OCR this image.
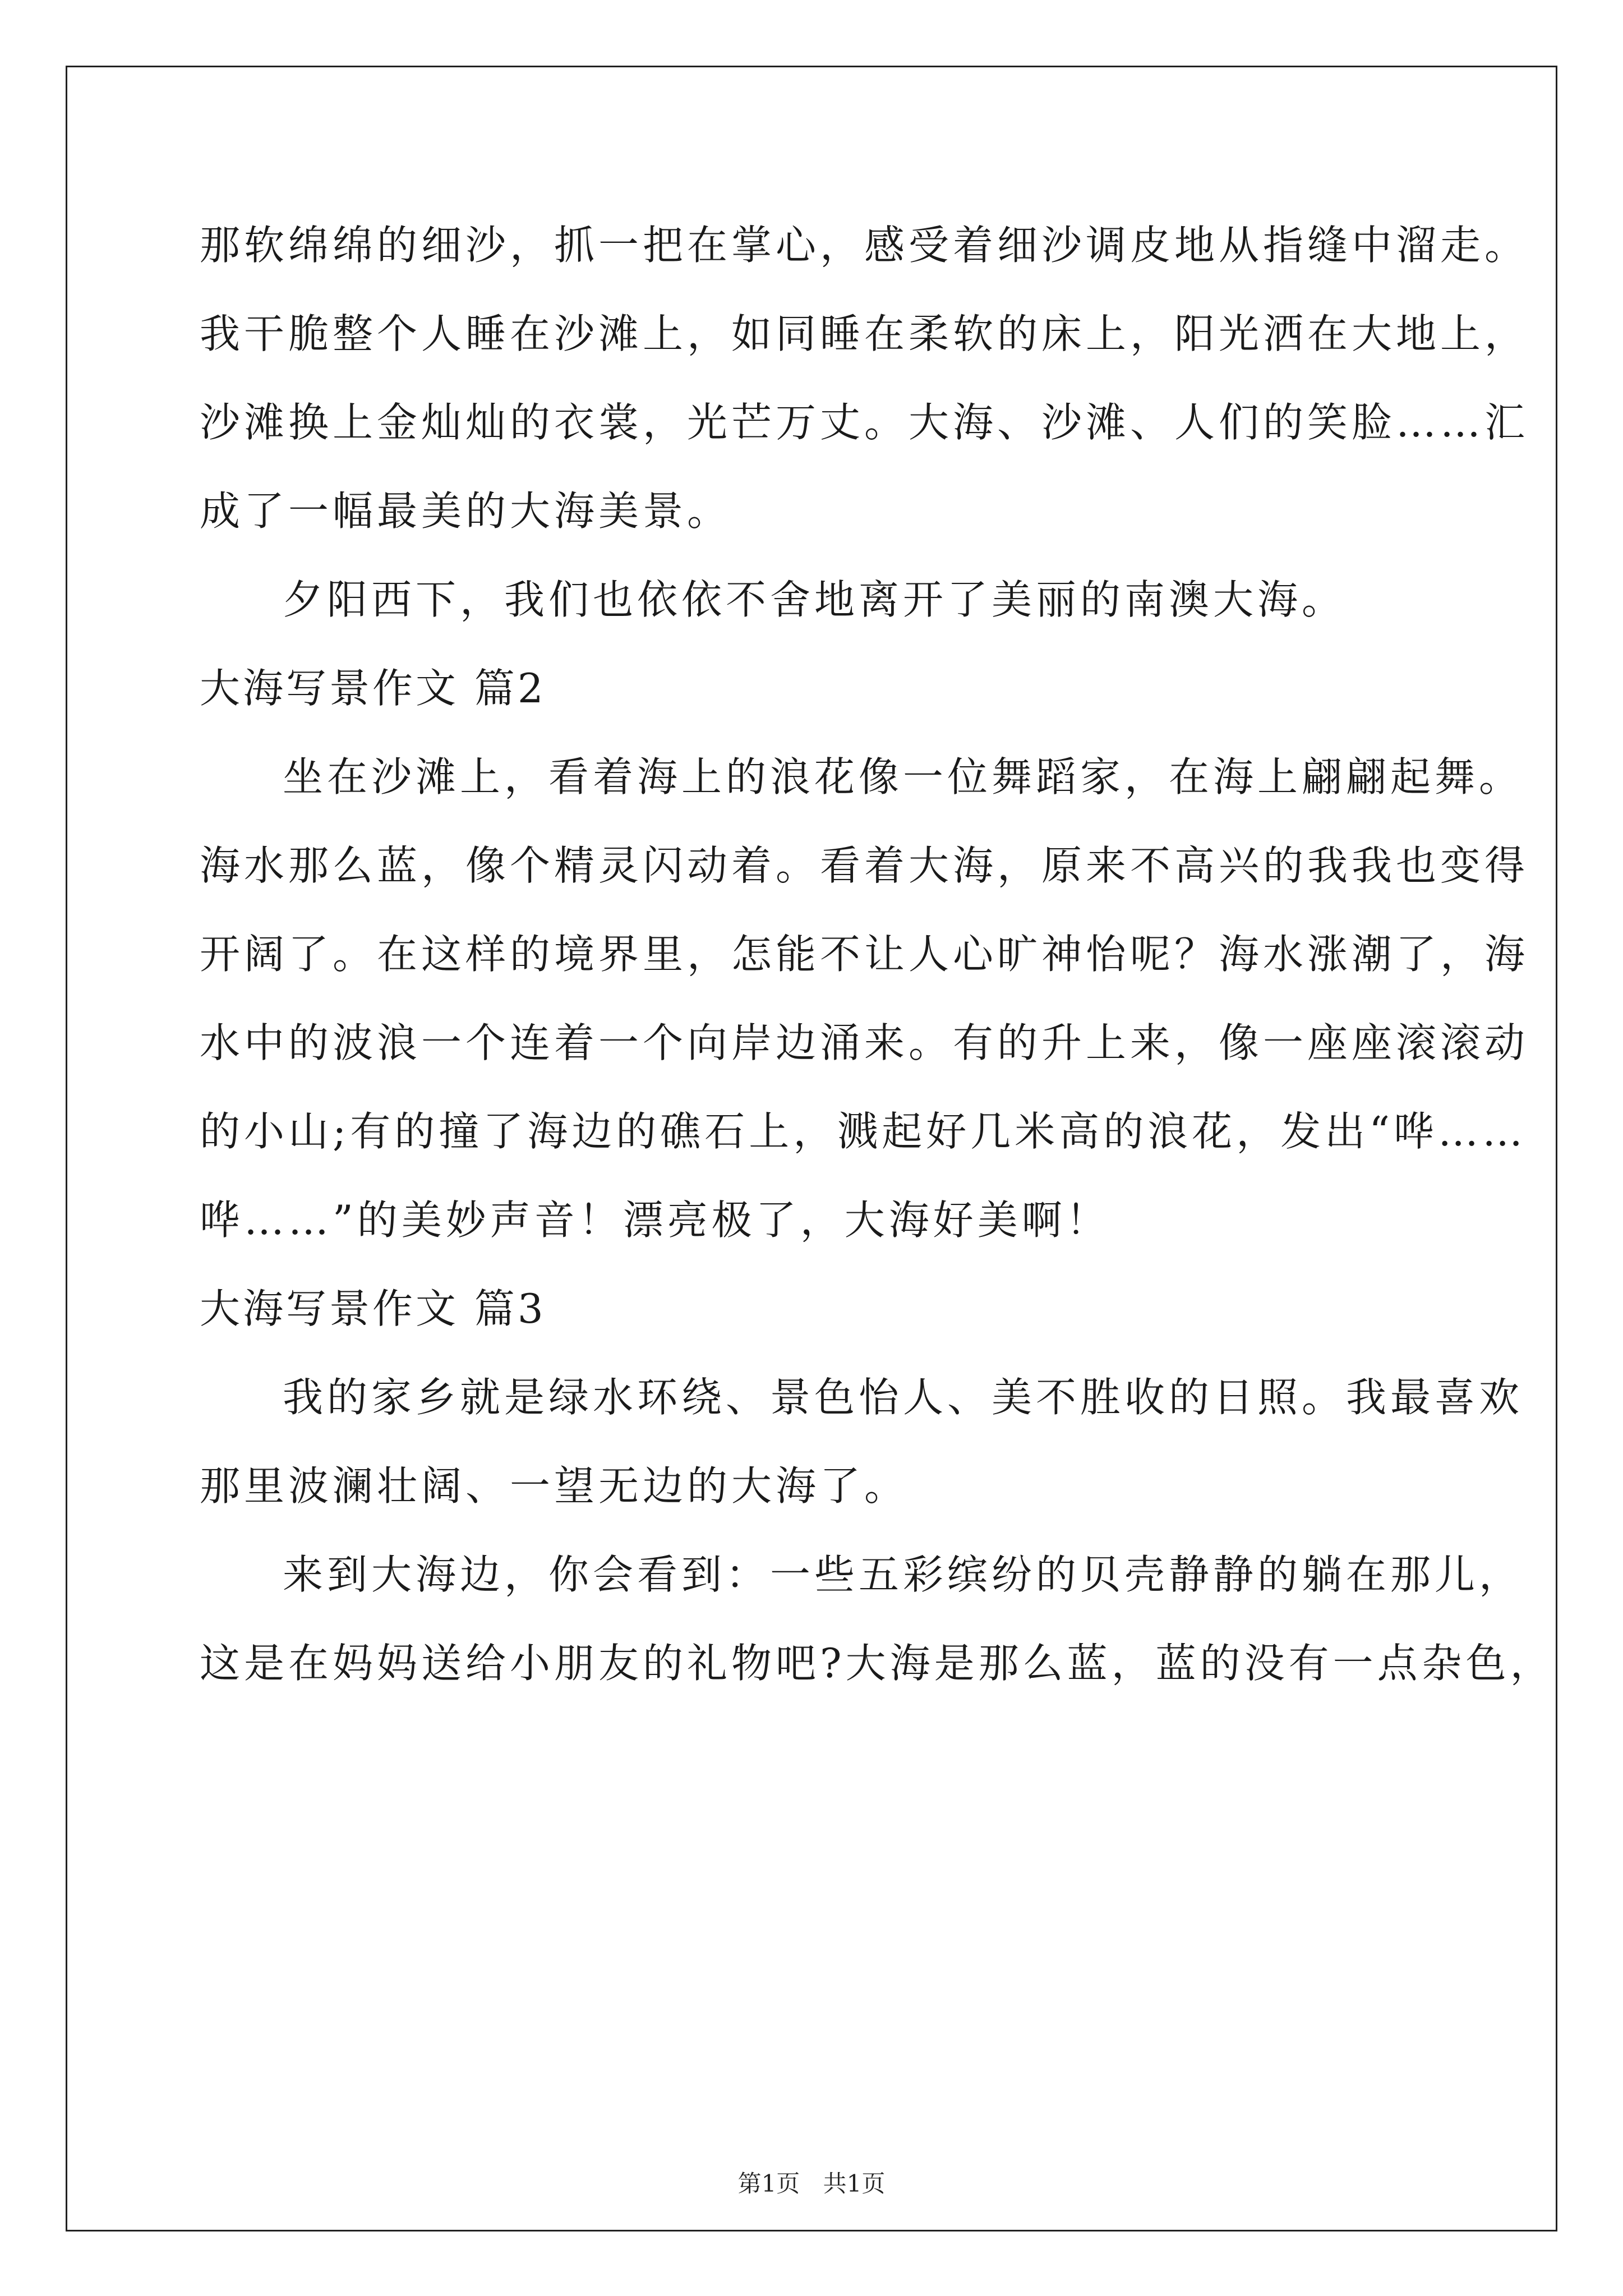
那软绵绵的细沙，抓一把在掌心，感受着细沙调皮地从指缝中溜走。
我干脆整个人睡在沙滩上，如同睡在柔软的床上，阳光洒在大地上，
沙滩换上金灿灿的衣裳，光芒万丈。大海、沙滩、人们的笑脸……汇
成了一幅最美的大海美景。
夕阳西下，我们也依依不舍地离开了美丽的南澳大海。
大海写景作文 篇2
坐在沙滩上，看着海上的浪花像一位舞蹈家，在海上翩翩起舞。
海水那么蓝，像个精灵闪动着。看着大海，原来不高兴的我我也变得
开阔了。在这样的境界里，怎能不让人心旷神怡呢？海水涨潮了，海
水中的波浪一个连着一个向岸边涌来。有的升上来，像一座座滚滚动
的小山;有的撞了海边的礁石上，溅起好几米高的浪花，发出“哗……
哗……”的美妙声音！漂亮极了，大海好美啊！
大海写景作文 篇3
我的家乡就是绿水环绕、景色怡人、美不胜收的日照。我最喜欢
那里波澜壮阔、一望无边的大海了。
来到大海边，你会看到：一些五彩缤纷的贝壳静静的躺在那儿，
这是在妈妈送给小朋友的礼物吧?大海是那么蓝，蓝的没有一点杂色，
第1页 共1页
